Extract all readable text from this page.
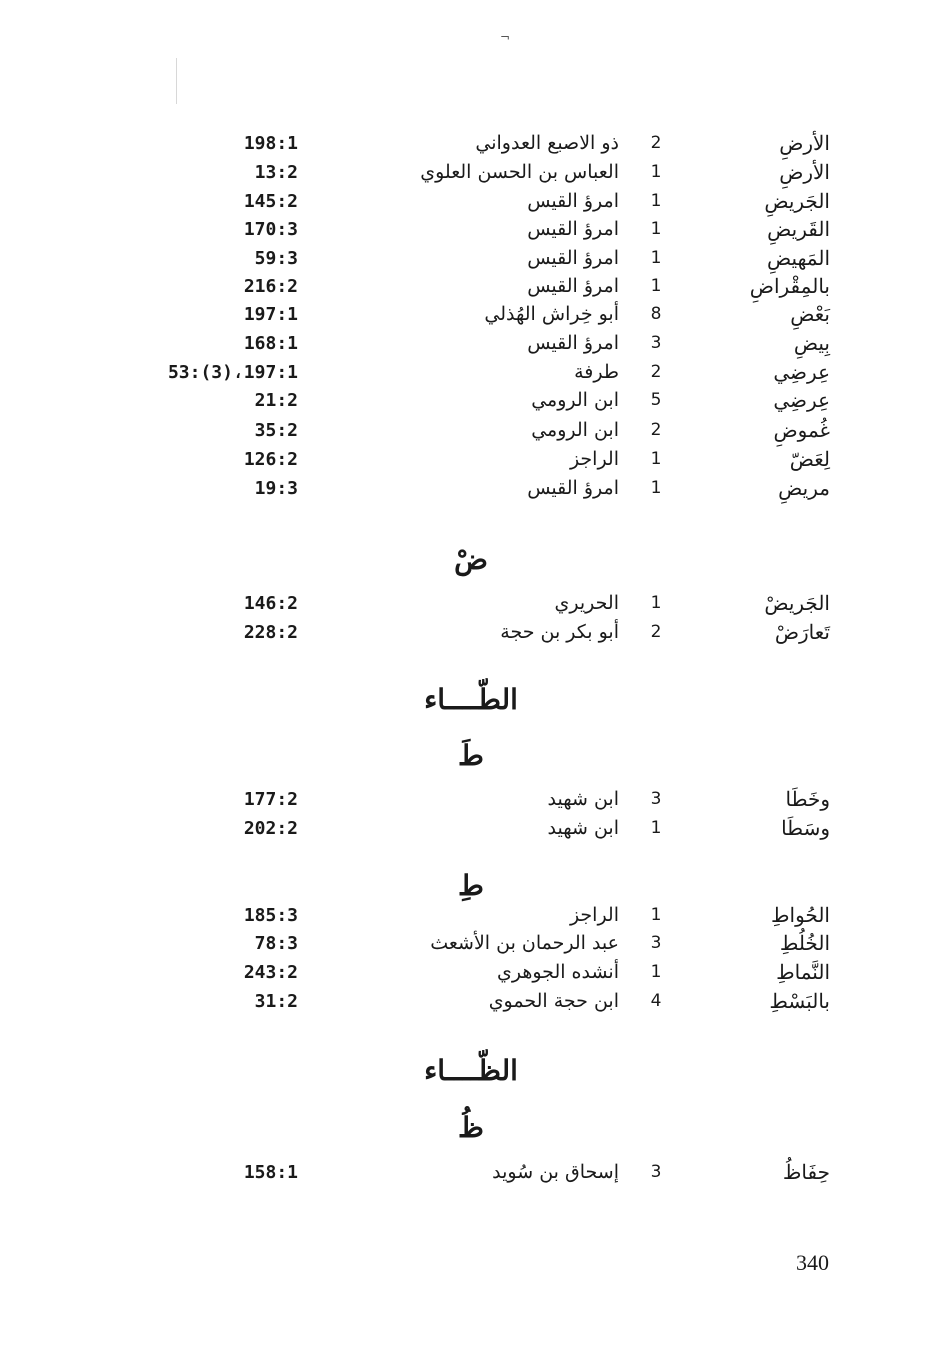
¬
الأرضِ
2
ذو الاصبع العدواني
198:1
الأرضِ
1
العباس بن الحسن العلوي
13:2
الجَريضِ
1
امرؤ القيس
145:2
القَريضِ
1
امرؤ القيس
170:3
المَهيضِ
1
امرؤ القيس
59:3
بالمِقْراضِ
1
امرؤ القيس
216:2
بَعْضِ
8
أبو خِراش الهُذلي
197:1
بِيضِ
3
امرؤ القيس
168:1
عِرضِي
2
طرفة
53:(3)،197:1
عِرضِي
5
ابن الرومي
21:2
غُموضِ
2
ابن الرومي
35:2
لِعَضّ
1
الراجز
126:2
مريضِ
1
امرؤ القيس
19:3
ضْ
الجَريضْ
1
الحريري
146:2
تَعارَضْ
2
أبو بكر بن حجة
228:2
الطّــــاء
طَ
وخَطَا
3
ابن شهيد
177:2
وسَطَا
1
ابن شهيد
202:2
طِ
الحُواطِ
1
الراجز
185:3
الخُلُطِ
3
عبد الرحمان بن الأشعث
78:3
النَّماطِ
1
أنشده الجوهري
243:2
بالبَسْطِ
4
ابن حجة الحموي
31:2
الظّــــاء
ظُ
حِفَاظُ
3
إسحاق بن سُويد
158:1
340
